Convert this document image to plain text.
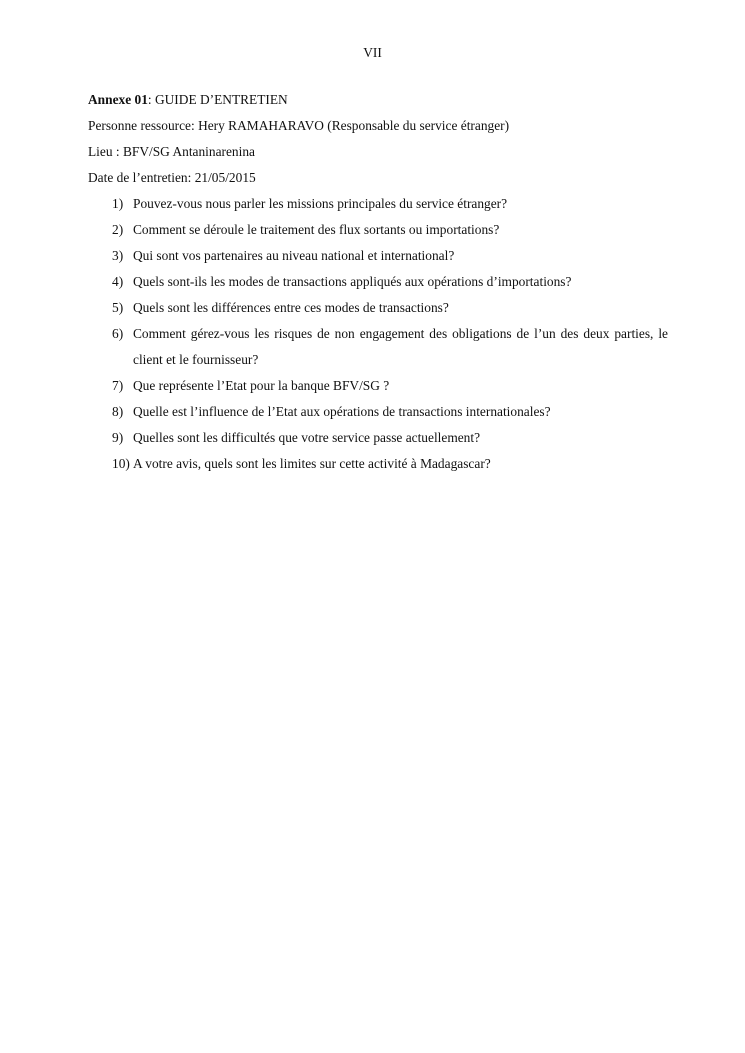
VII
Annexe 01: GUIDE D’ENTRETIEN
Personne ressource: Hery RAMAHARAVO (Responsable du service étranger)
Lieu : BFV/SG Antaninarenina
Date de l’entretien: 21/05/2015
1) Pouvez-vous nous parler les missions principales du service étranger?
2) Comment se déroule le traitement des flux sortants ou importations?
3) Qui sont vos partenaires au niveau national et international?
4) Quels sont-ils les modes de transactions appliqués aux opérations d’importations?
5) Quels sont les différences entre ces modes de transactions?
6) Comment gérez-vous les risques de non engagement des obligations de l’un des deux parties, le client et le fournisseur?
7) Que représente l’Etat pour la banque BFV/SG ?
8) Quelle est l’influence de l’Etat aux opérations de transactions internationales?
9) Quelles sont les difficultés que votre service passe actuellement?
10) A votre avis, quels sont les limites sur cette activité à Madagascar?
